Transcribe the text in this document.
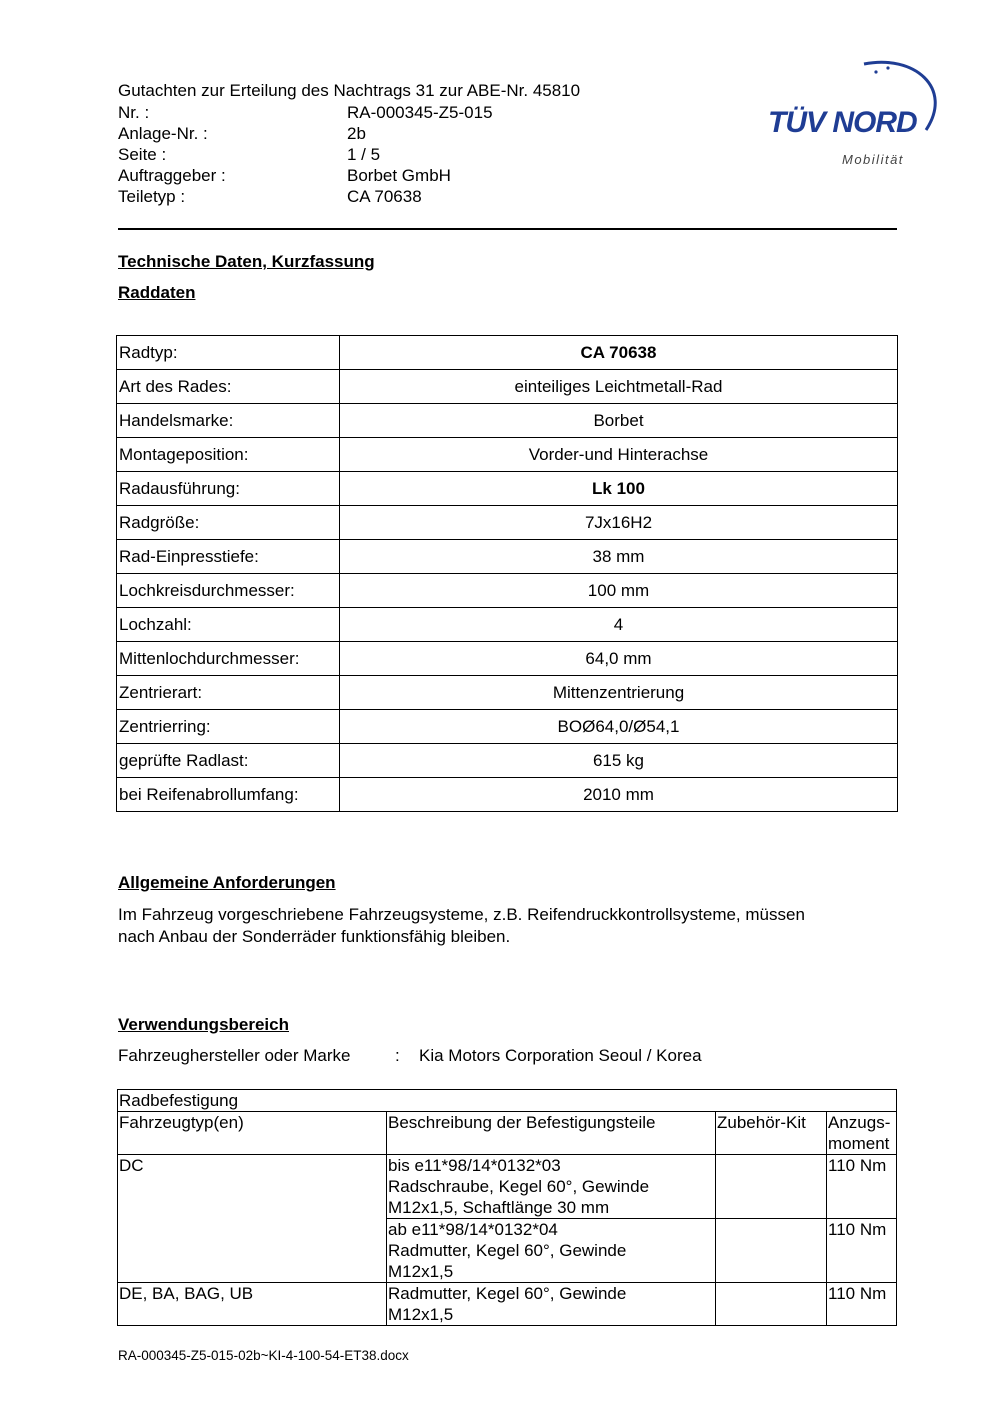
Gutachten zur Erteilung des Nachtrags 31 zur ABE-Nr. 45810
Nr. :	RA-000345-Z5-015
Anlage-Nr. :	2b
Seite :	1 / 5
Auftraggeber :	Borbet GmbH
Teiletyp :	CA 70638
TÜV NORD
Mobilität
Technische Daten, Kurzfassung
Raddaten
Radtyp:	CA 70638
Art des Rades:	einteiliges Leichtmetall-Rad
Handelsmarke:	Borbet
Montageposition:	Vorder-und Hinterachse
Radausführung:	Lk 100
Radgröße:	7Jx16H2
Rad-Einpresstiefe:	38 mm
Lochkreisdurchmesser:	100 mm
Lochzahl:	4
Mittenlochdurchmesser:	64,0 mm
Zentrierart:	Mittenzentrierung
Zentrierring:	BOØ64,0/Ø54,1
geprüfte Radlast:	615 kg
bei Reifenabrollumfang:	2010 mm
Allgemeine Anforderungen
Im Fahrzeug vorgeschriebene Fahrzeugsysteme, z.B. Reifendruckkontrollsysteme, müssen
nach Anbau der Sonderräder funktionsfähig bleiben.
Verwendungsbereich
Fahrzeughersteller oder Marke	:	Kia Motors Corporation Seoul / Korea
Radbefestigung			
Fahrzeugtyp(en)	Beschreibung der Befestigungsteile	Zubehör-Kit	Anzugs-
moment

DC	bis e11*98/14*0132*03
Radschraube, Kegel 60°, Gewinde
M12x1,5, Schaftlänge 30 mm		110 Nm

	ab e11*98/14*0132*04
Radmutter, Kegel 60°, Gewinde
M12x1,5		110 Nm
DE, BA, BAG, UB	Radmutter, Kegel 60°, Gewinde
M12x1,5		110 Nm
RA-000345-Z5-015-02b~KI-4-100-54-ET38.docx
